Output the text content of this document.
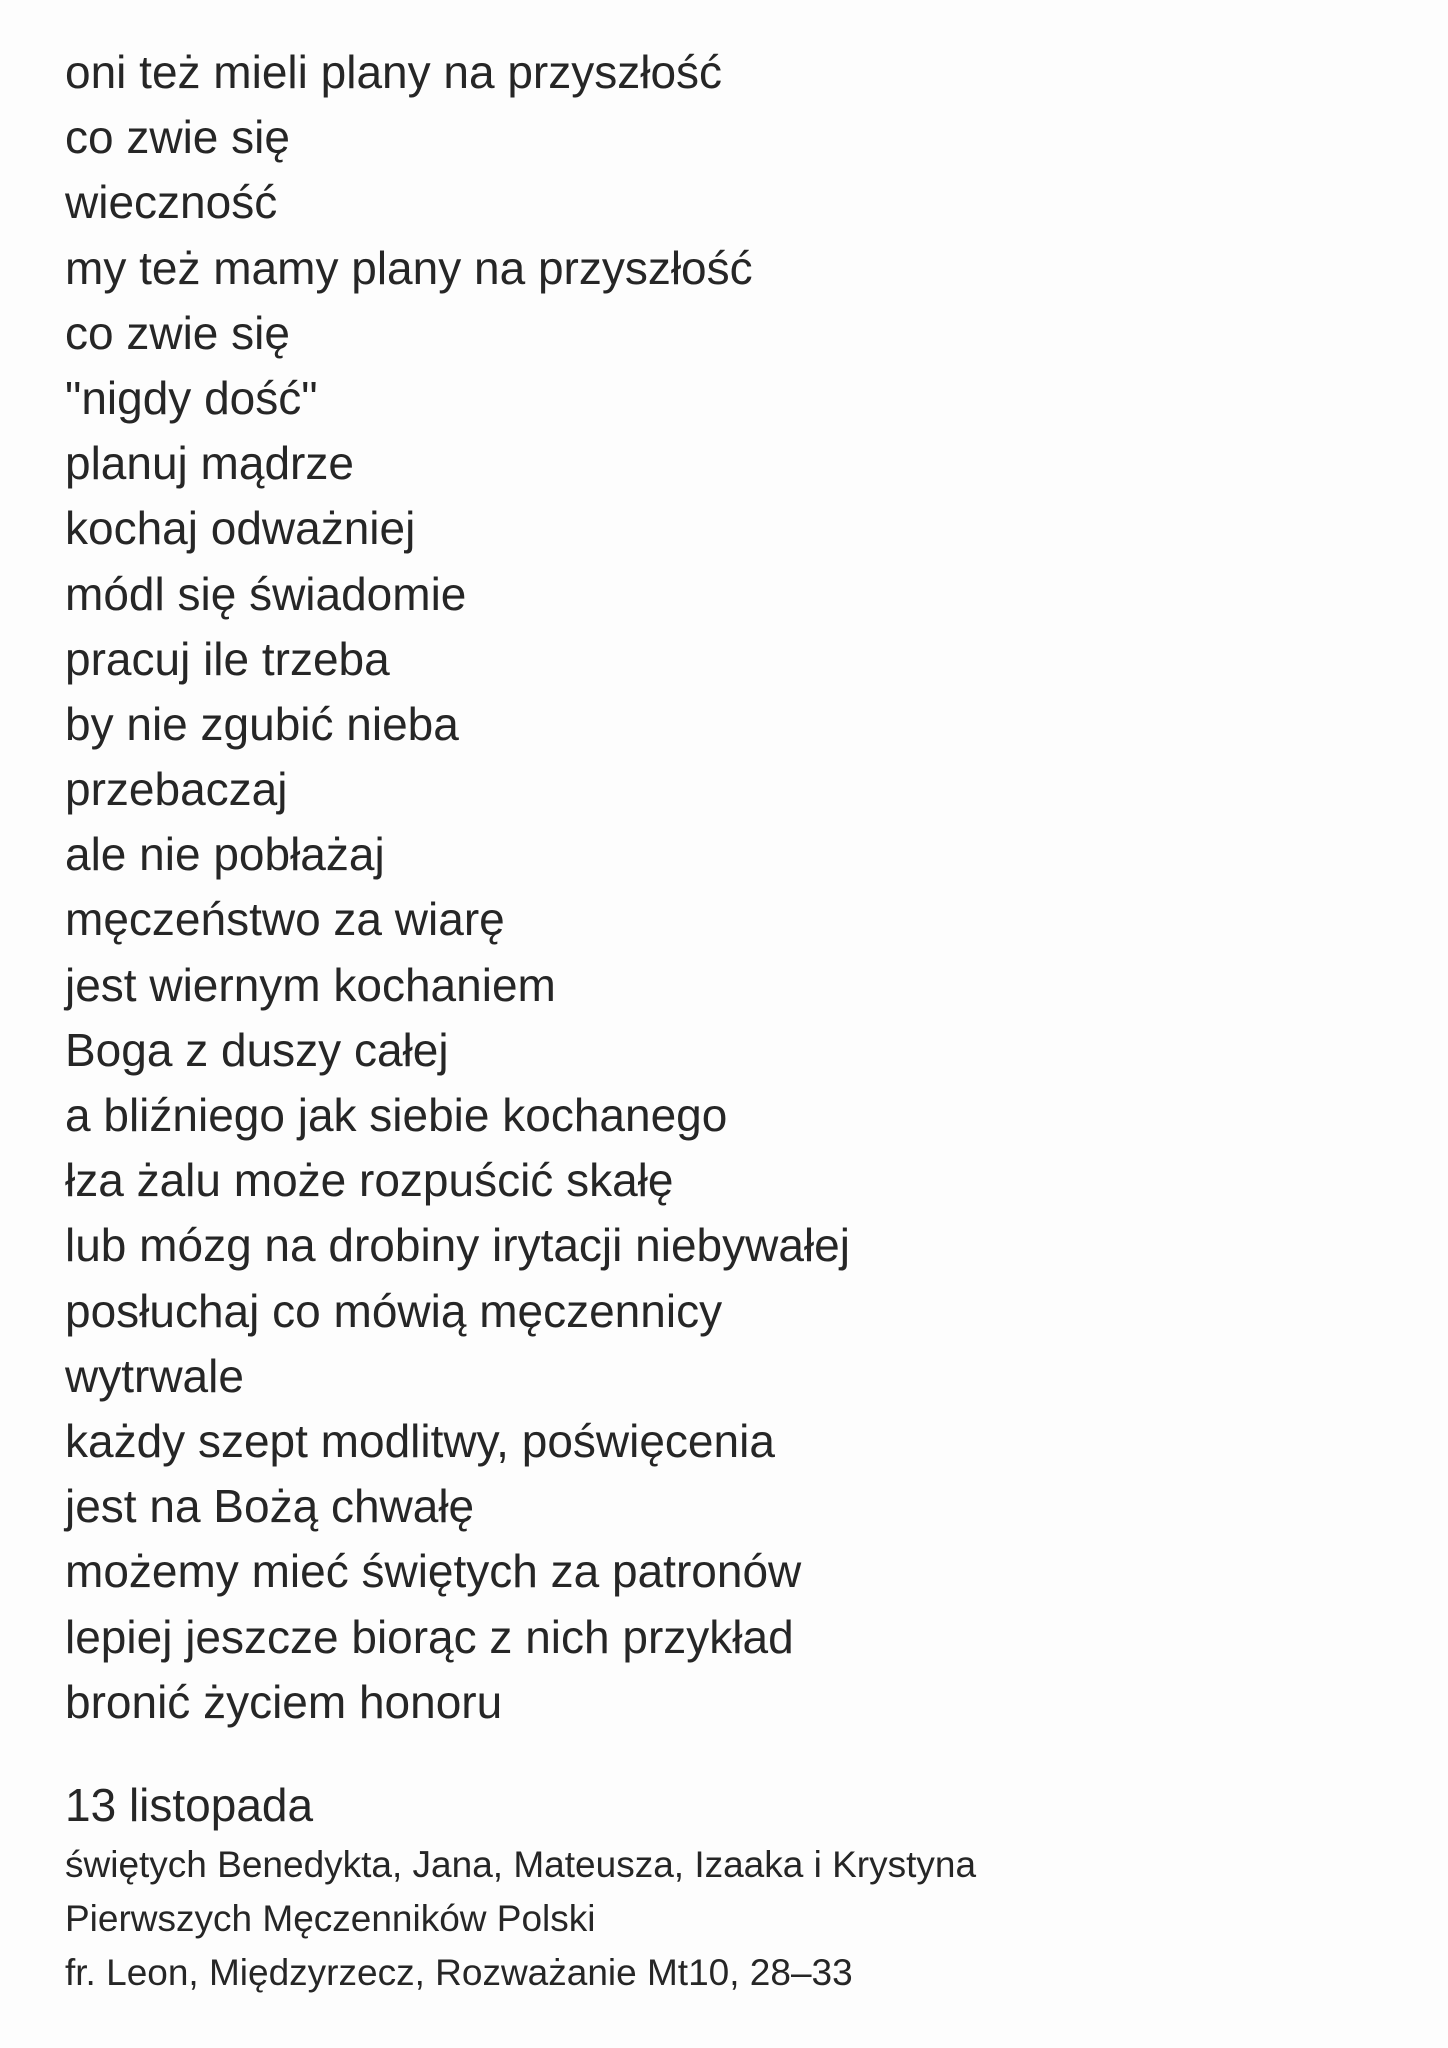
oni też mieli plany na przyszłość
co zwie się
wieczność
my też mamy plany na przyszłość
co zwie się
"nigdy dość"
planuj mądrze
kochaj odważniej
módl się świadomie
pracuj ile trzeba
by nie zgubić nieba
przebaczaj
ale nie pobłażaj
męczeństwo za wiarę
jest wiernym kochaniem
Boga z duszy całej
a bliźniego jak siebie kochanego
łza żalu może rozpuścić skałę
lub mózg na drobiny irytacji niebywałej
posłuchaj co mówią męczennicy
wytrwale
każdy szept modlitwy, poświęcenia
jest na Bożą chwałę
możemy mieć świętych za patronów
lepiej jeszcze biorąc z nich przykład
bronić życiem honoru
13 listopada
świętych Benedykta, Jana, Mateusza, Izaaka i Krystyna
Pierwszych Męczenników Polski
fr. Leon, Międzyrzecz, Rozważanie Mt10, 28–33
